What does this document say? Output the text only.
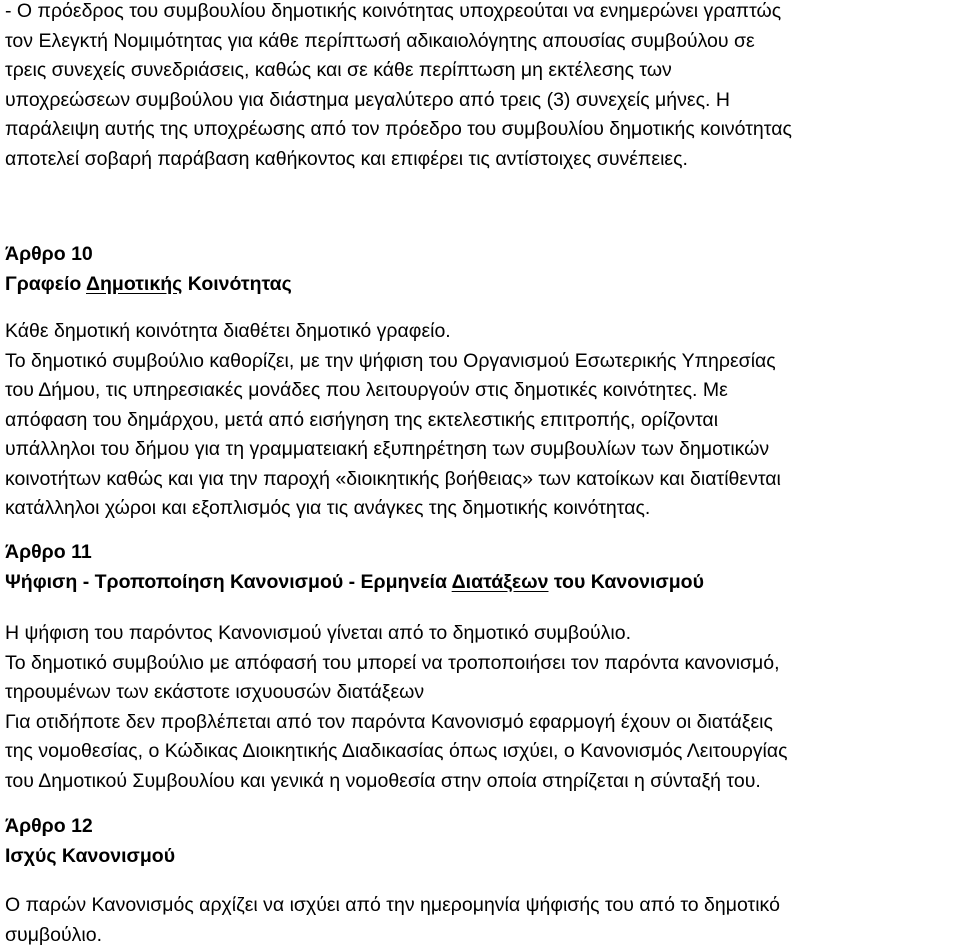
- Ο πρόεδρος του συμβουλίου δημοτικής κοινότητας υποχρεούται να ενημερώνει γραπτώς
τον Ελεγκτή Νομιμότητας για κάθε περίπτωσή αδικαιολόγητης απουσίας συμβούλου σε
τρεις συνεχείς συνεδριάσεις, καθώς και σε κάθε περίπτωση μη εκτέλεσης των
υποχρεώσεων συμβούλου για διάστημα μεγαλύτερο από τρεις (3) συνεχείς μήνες. Η
παράλειψη αυτής της υποχρέωσης από τον πρόεδρο του συμβουλίου δημοτικής κοινότητας
αποτελεί σοβαρή παράβαση καθήκοντος και επιφέρει τις αντίστοιχες συνέπειες.
Άρθρο 10
Γραφείο Δημοτικής Κοινότητας
Κάθε δημοτική κοινότητα διαθέτει δημοτικό γραφείο.
Το δημοτικό συμβούλιο καθορίζει, με την ψήφιση του Οργανισμού Εσωτερικής Υπηρεσίας
του Δήμου, τις υπηρεσιακές μονάδες που λειτουργούν στις δημοτικές κοινότητες. Με
απόφαση του δημάρχου, μετά από εισήγηση της εκτελεστικής επιτροπής, ορίζονται
υπάλληλοι του δήμου για τη γραμματειακή εξυπηρέτηση των συμβουλίων των δημοτικών
κοινοτήτων καθώς και για την παροχή «διοικητικής βοήθειας» των κατοίκων και διατίθενται
κατάλληλοι χώροι και εξοπλισμός για τις ανάγκες της δημοτικής κοινότητας.
Άρθρο 11
Ψήφιση - Τροποποίηση Κανονισμού - Ερμηνεία Διατάξεων του Κανονισμού
Η ψήφιση του παρόντος Κανονισμού γίνεται από το δημοτικό συμβούλιο.
Το δημοτικό συμβούλιο με απόφασή του μπορεί να τροποποιήσει τον παρόντα κανονισμό,
τηρουμένων των εκάστοτε ισχυουσών διατάξεων
Για οτιδήποτε δεν προβλέπεται από τον παρόντα Κανονισμό εφαρμογή έχουν οι διατάξεις
της νομοθεσίας, ο Κώδικας Διοικητικής Διαδικασίας όπως ισχύει, ο Κανονισμός Λειτουργίας
του Δημοτικού Συμβουλίου και γενικά η νομοθεσία στην οποία στηρίζεται η σύνταξή του.
Άρθρο 12
Ισχύς Κανονισμού
Ο παρών Κανονισμός αρχίζει να ισχύει από την ημερομηνία ψήφισής του από το δημοτικό
συμβούλιο.
